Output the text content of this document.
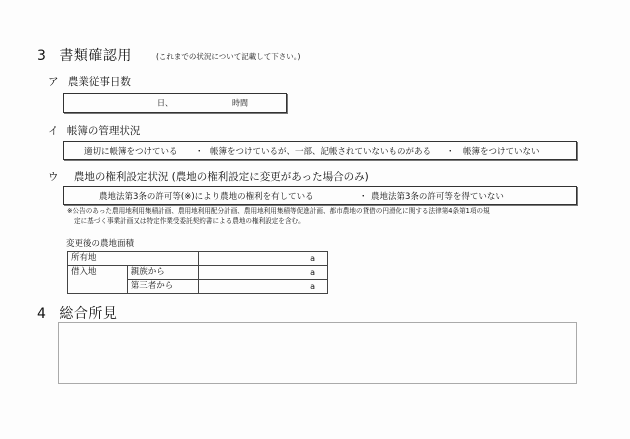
3 書類確認用	(これまでの状況について記載して下さい。)
ア 農業従事日数
日、	時間
イ 帳簿の管理状況
適切に帳簿をつけている ・ 帳簿をつけているが、一部、記帳されていないものがある ・ 帳簿をつけていない
ウ 農地の権利設定状況 (農地の権利設定に変更があった場合のみ)
農地法第3条の許可等(※)により農地の権利を有している	・ 農地法第3条の許可等を得ていない
※公告のあった農用地利用集積計画、農用地利用配分計画、農用地利用集積等促進計画、都市農地の貸借の円滑化に関する法律第4条第1項の規
定に基づく事業計画又は特定作業受委託契約書による農地の権利設定を含む。
変更後の農地面積
所有地		a
借入地	親族から	a
	第三者から	a
4 総合所見
